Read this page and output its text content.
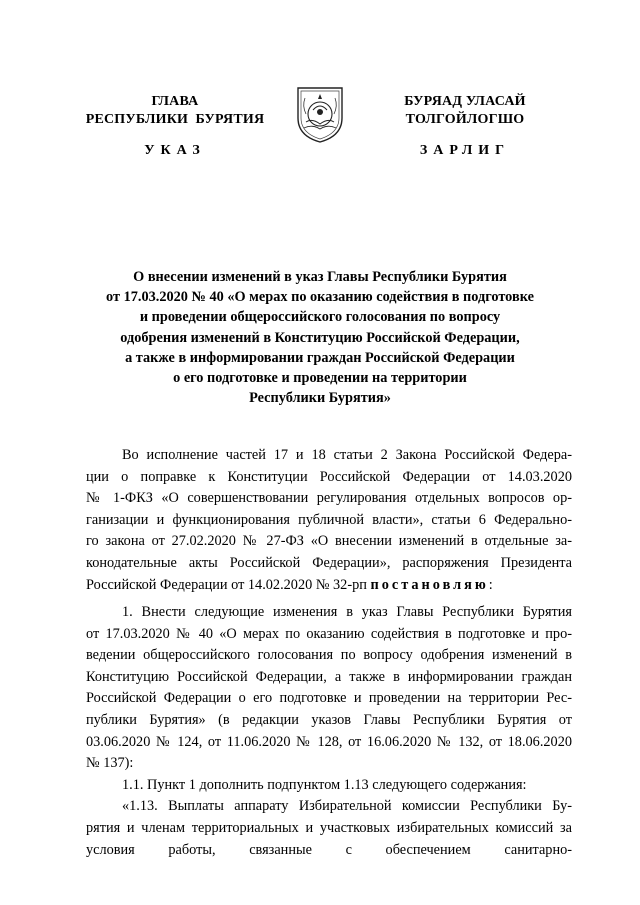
ГЛАВА
РЕСПУБЛИКИ  БУРЯТИЯ
БУРЯАД УЛАСАЙ
ТОЛГОЙЛОГШО
УКАЗ	ЗАРЛИГ
О внесении изменений в указ Главы Республики Бурятия
от 17.03.2020 № 40 «О мерах по оказанию содействия в подготовке
и проведении общероссийского голосования по вопросу
одобрения изменений в Конституцию Российской Федерации,
а также в информировании граждан Российской Федерации
о его подготовке и проведении на территории
Республики Бурятия»
Во исполнение частей 17 и 18 статьи 2 Закона Российской Федера-
ции о поправке к Конституции Российской Федерации от 14.03.2020
№ 1-ФКЗ «О совершенствовании регулирования отдельных вопросов ор-
ганизации и функционирования публичной власти», статьи 6 Федерально-
го закона от 27.02.2020 № 27-ФЗ «О внесении изменений в отдельные за-
конодательные акты Российской Федерации», распоряжения Президента
Российской Федерации от 14.02.2020 № 32-рп постановляю:
1. Внести следующие изменения в указ Главы Республики Бурятия
от 17.03.2020 № 40 «О мерах по оказанию содействия в подготовке и про-
ведении общероссийского голосования по вопросу одобрения изменений в
Конституцию Российской Федерации, а также в информировании граждан
Российской Федерации о его подготовке и проведении на территории Рес-
публики Бурятия» (в редакции указов Главы Республики Бурятия от
03.06.2020 № 124, от 11.06.2020 № 128, от 16.06.2020 № 132, от 18.06.2020
№ 137):
1.1. Пункт 1 дополнить подпунктом 1.13 следующего содержания:
«1.13. Выплаты аппарату Избирательной комиссии Республики Бу-
рятия и членам территориальных и участковых избирательных комиссий за
условия работы, связанные с обеспечением санитарно-
